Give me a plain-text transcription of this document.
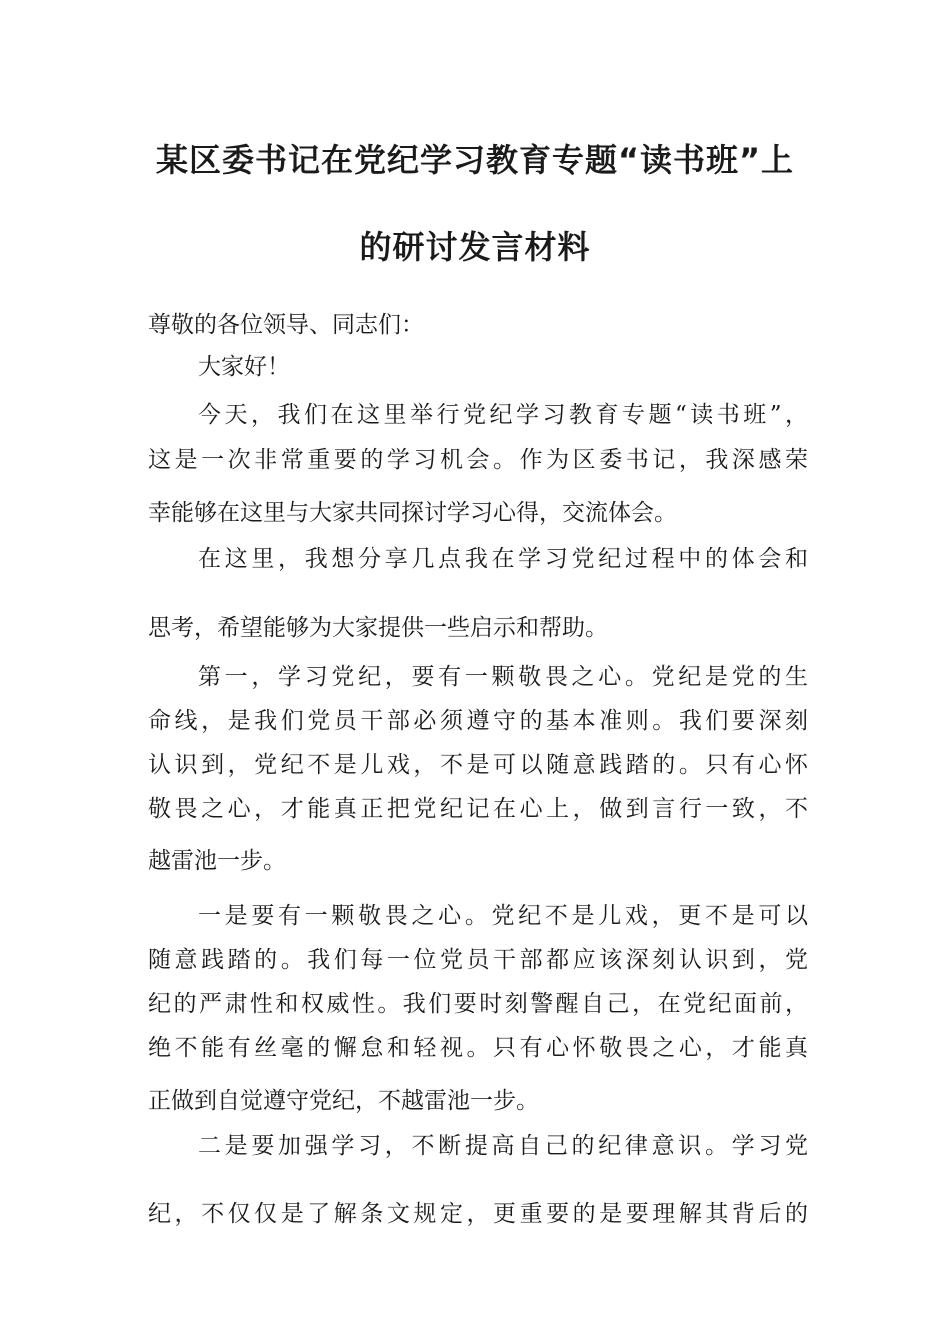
某区委书记在党纪学习教育专题“读书班”上
的研讨发言材料
尊敬的各位领导、同志们：
大家好！
今天，我们在这里举行党纪学习教育专题“读书班”，
这是一次非常重要的学习机会。作为区委书记，我深感荣
幸能够在这里与大家共同探讨学习心得，交流体会。
在这里，我想分享几点我在学习党纪过程中的体会和
思考，希望能够为大家提供一些启示和帮助。
第一，学习党纪，要有一颗敬畏之心。党纪是党的生
命线，是我们党员干部必须遵守的基本准则。我们要深刻
认识到，党纪不是儿戏，不是可以随意践踏的。只有心怀
敬畏之心，才能真正把党纪记在心上，做到言行一致，不
越雷池一步。
一是要有一颗敬畏之心。党纪不是儿戏，更不是可以
随意践踏的。我们每一位党员干部都应该深刻认识到，党
纪的严肃性和权威性。我们要时刻警醒自己，在党纪面前，
绝不能有丝毫的懈怠和轻视。只有心怀敬畏之心，才能真
正做到自觉遵守党纪，不越雷池一步。
二是要加强学习，不断提高自己的纪律意识。学习党
纪，不仅仅是了解条文规定，更重要的是要理解其背后的
